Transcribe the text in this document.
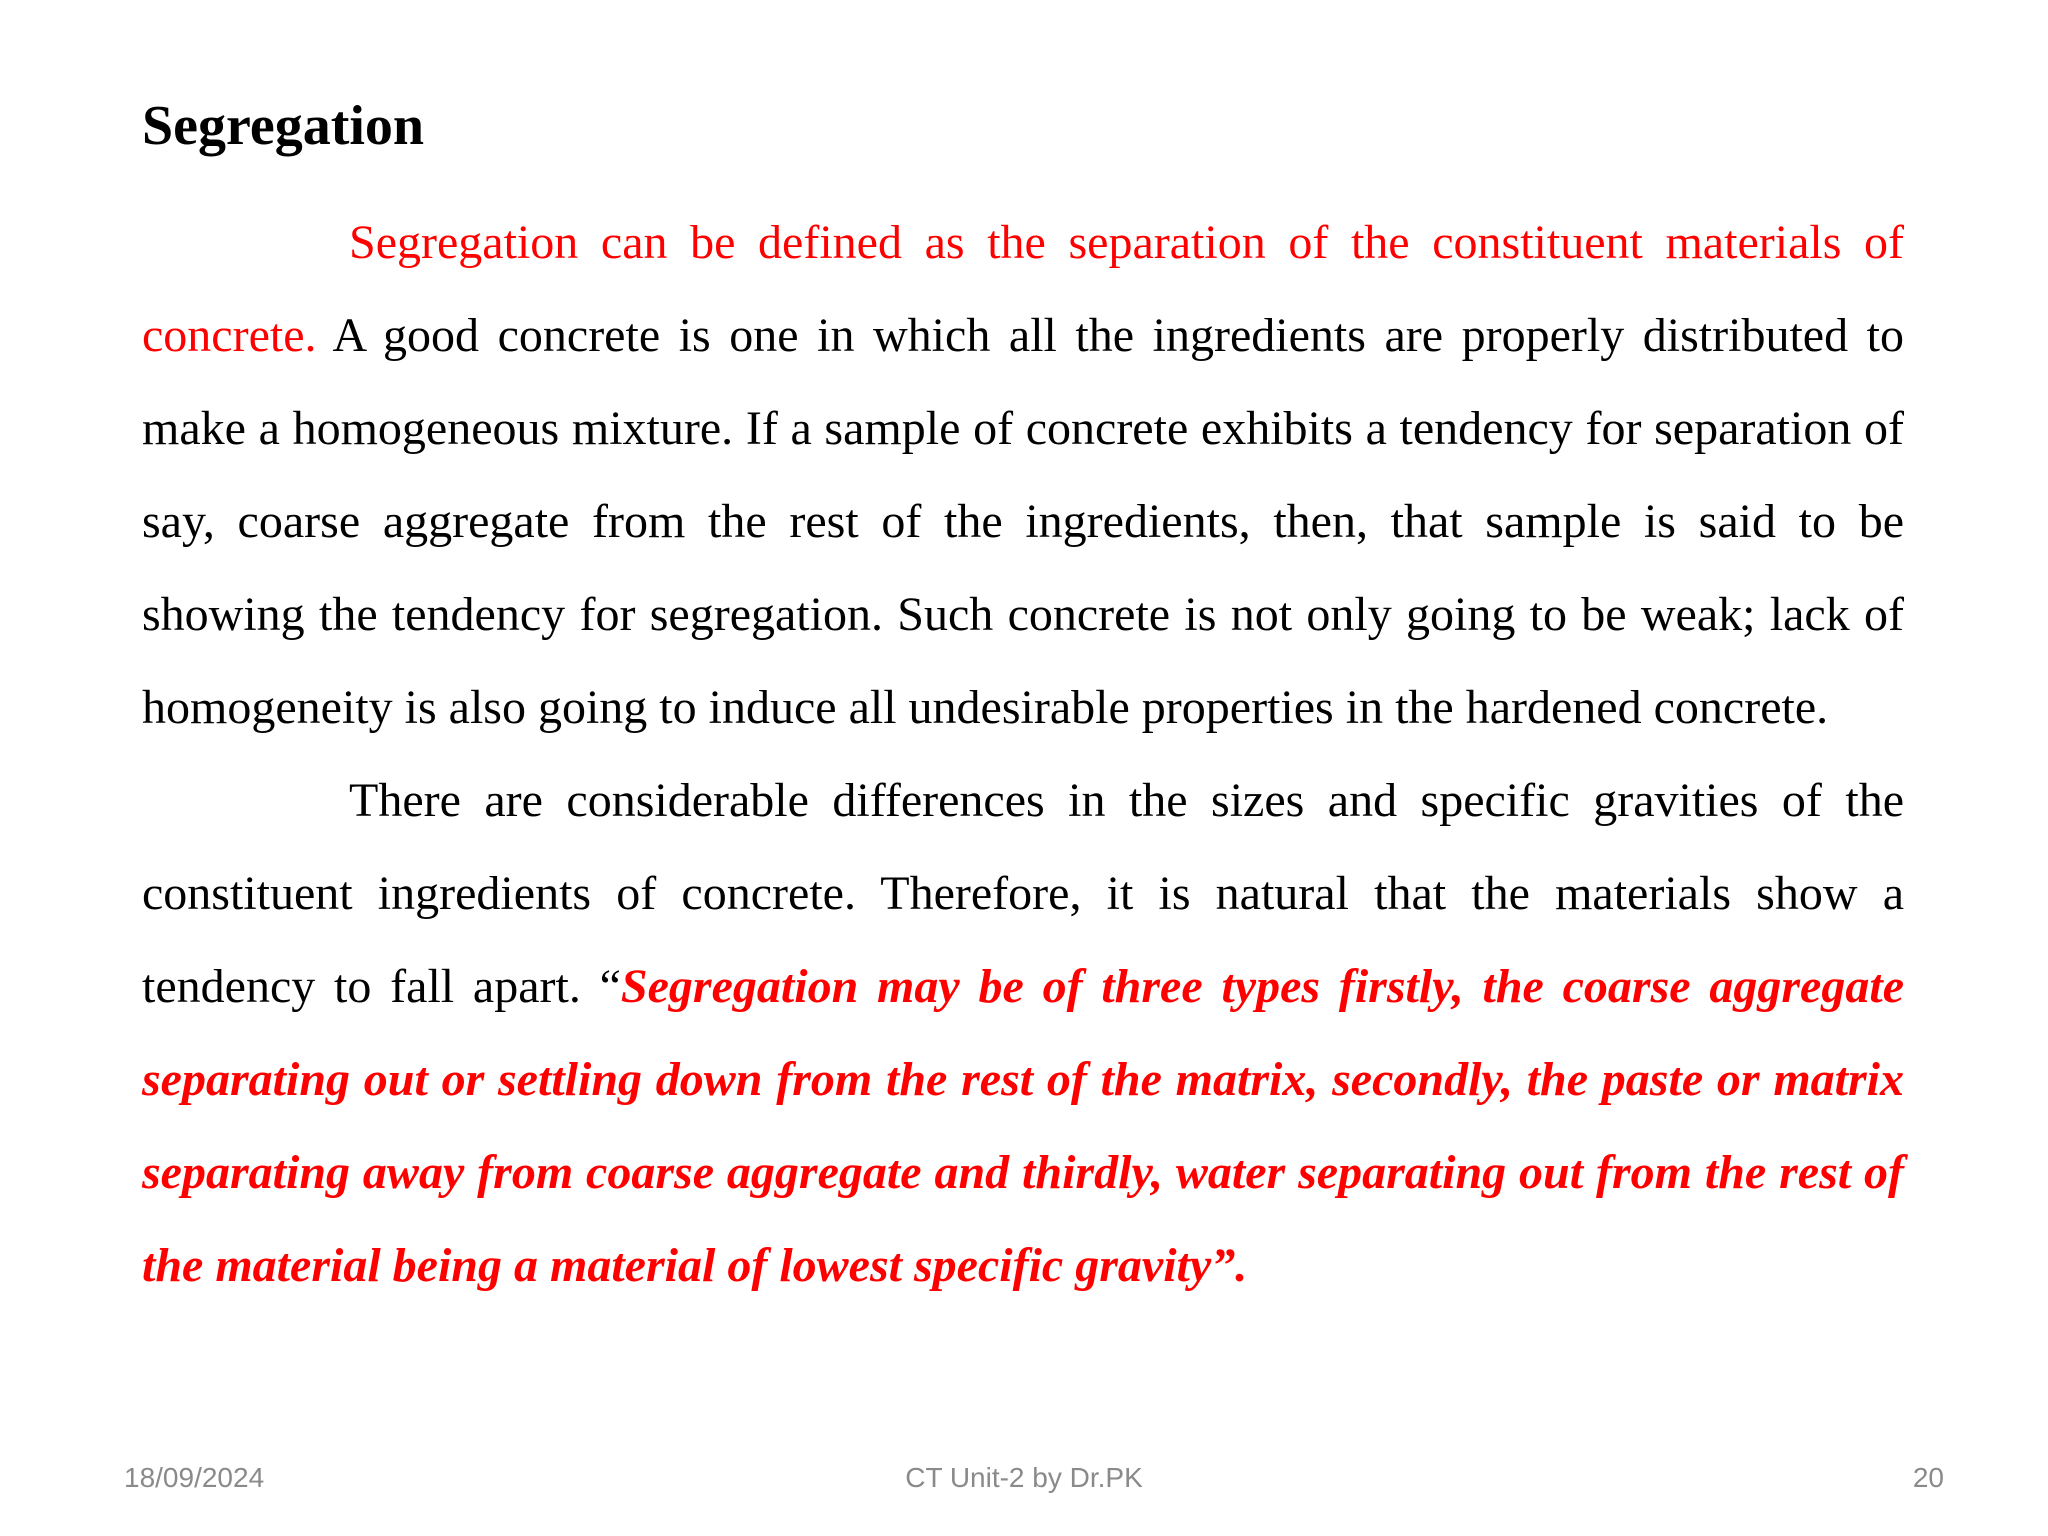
Segregation

Segregation can be defined as the separation of the constituent materials of concrete. A good concrete is one in which all the ingredients are properly distributed to make a homogeneous mixture. If a sample of concrete exhibits a tendency for separation of say, coarse aggregate from the rest of the ingredients, then, that sample is said to be showing the tendency for segregation. Such concrete is not only going to be weak; lack of homogeneity is also going to induce all undesirable properties in the hardened concrete.

There are considerable differences in the sizes and specific gravities of the constituent ingredients of concrete. Therefore, it is natural that the materials show a tendency to fall apart. “Segregation may be of three types firstly, the coarse aggregate separating out or settling down from the rest of the matrix, secondly, the paste or matrix separating away from coarse aggregate and thirdly, water separating out from the rest of the material being a material of lowest specific gravity”.

18/09/2024	CT Unit-2 by Dr.PK	20
